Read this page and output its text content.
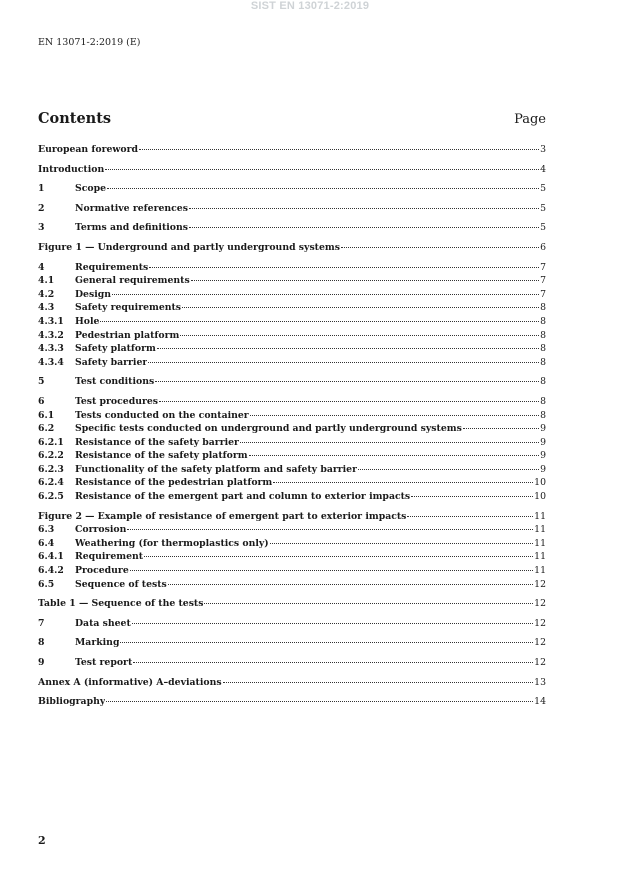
SIST EN 13071-2:2019
EN 13071-2:2019 (E)
Contents	Page
European foreword	3
Introduction	4
1	Scope	5
2	Normative references	5
3	Terms and definitions	5
Figure 1 — Underground and partly underground systems	6
4	Requirements	7
4.1	General requirements	7
4.2	Design	7
4.3	Safety requirements	8
4.3.1	Hole	8
4.3.2	Pedestrian platform	8
4.3.3	Safety platform	8
4.3.4	Safety barrier	8
5	Test conditions	8
6	Test procedures	8
6.1	Tests conducted on the container	8
6.2	Specific tests conducted on underground and partly underground systems	9
6.2.1	Resistance of the safety barrier	9
6.2.2	Resistance of the safety platform	9
6.2.3	Functionality of the safety platform and safety barrier	9
6.2.4	Resistance of the pedestrian platform	10
6.2.5	Resistance of the emergent part and column to exterior impacts	10
Figure 2 — Example of resistance of emergent part to exterior impacts	11
6.3	Corrosion	11
6.4	Weathering (for thermoplastics only)	11
6.4.1	Requirement	11
6.4.2	Procedure	11
6.5	Sequence of tests	12
Table 1 — Sequence of the tests	12
7	Data sheet	12
8	Marking	12
9	Test report	12
Annex A (informative) A–deviations	13
Bibliography	14
2
